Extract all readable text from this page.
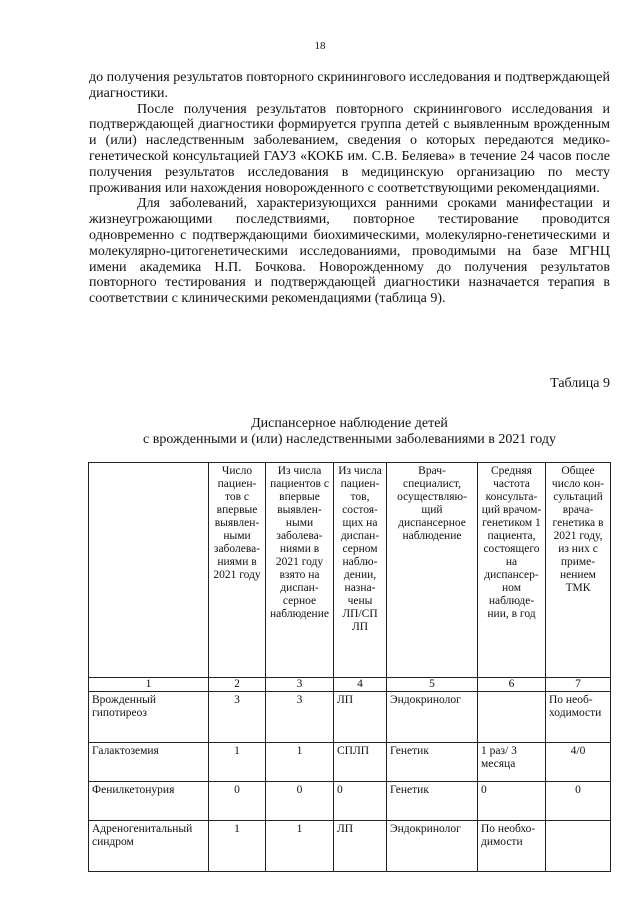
18

до получения результатов повторного скринингового исследования и подтверждающей диагностики.

После получения результатов повторного скринингового исследования и подтверждающей диагностики формируется группа детей с выявленным врожденным и (или) наследственным заболеванием, сведения о которых передаются медико-генетической консультацией ГАУЗ «КОКБ им. С.В. Беляева» в течение 24 часов после получения результатов исследования в медицинскую организацию по месту проживания или нахождения новорожденного с соответствующими рекомендациями.

Для заболеваний, характеризующихся ранними сроками манифестации и жизнеугрожающими последствиями, повторное тестирование проводится одновременно с подтверждающими биохимическими, молекулярно-генетическими и молекулярно-цитогенетическими исследованиями, проводимыми на базе МГНЦ имени академика Н.П. Бочкова. Новорожденному до получения результатов повторного тестирования и подтверждающей диагностики назначается терапия в соответствии с клиническими рекомендациями (таблица 9).

Таблица 9
Диспансерное наблюдение детей
с врожденными и (или) наследственными заболеваниями в 2021 году
	Число пациентов с впервые выявленными заболеваниями в 2021 году	Из числа пациентов с впервые выявленными заболеваниями в 2021 году взято на диспансерное наблюдение	Из числа пациентов, состоящих на диспансерном наблюдении, назначены ЛП/СП ЛП	Врач-специалист, осуществляющий диспансерное наблюдение	Средняя частота консультаций врачом-генетиком 1 пациента, состоящего на диспансерном наблюдении, в год	Общее число консультаций врача-генетика в 2021 году, из них с применением ТМК
1	2	3	4	5	6	7
Врожденный гипотиреоз	3	3	ЛП	Эндокринолог		По необходимости
Галактоземия	1	1	СПЛП	Генетик	1 раз/ 3 месяца	4/0
Фенилкетонурия	0	0	0	Генетик	0	0
Адреногенитальный синдром	1	1	ЛП	Эндокринолог	По необходимости	
